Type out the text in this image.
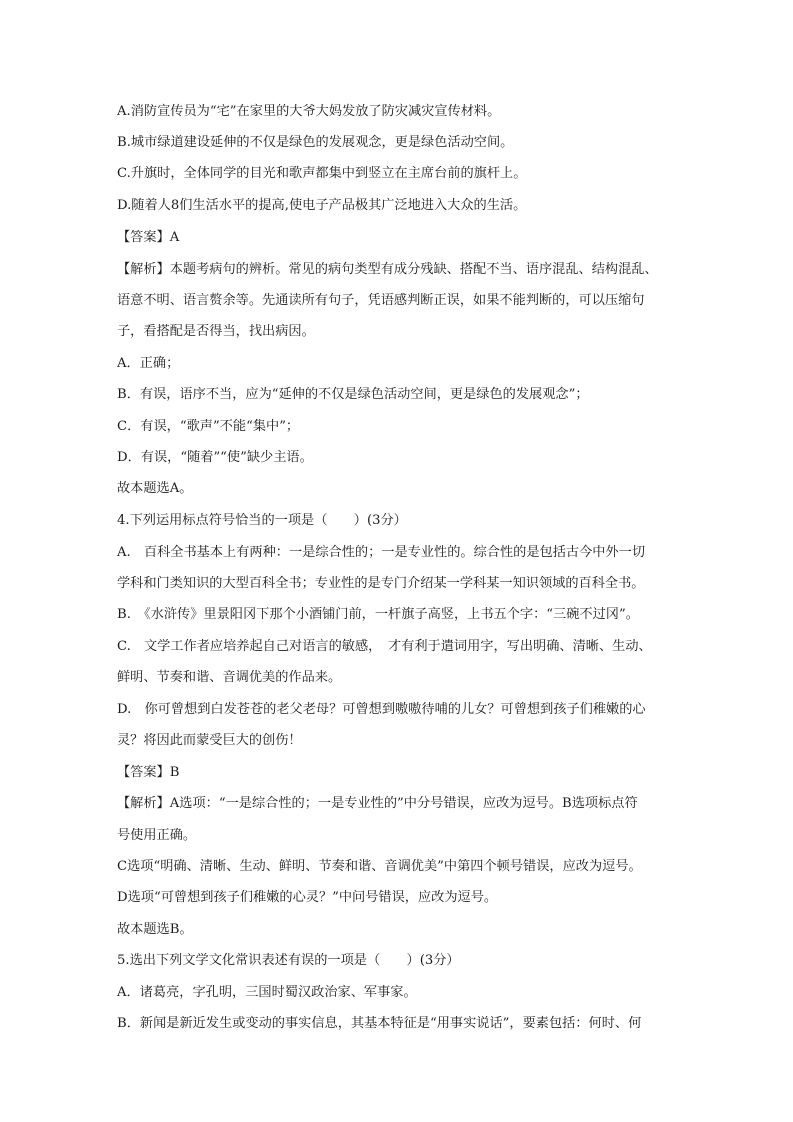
A.消防宣传员为“宅”在家里的大爷大妈发放了防灾减灾宣传材料。
B.城市绿道建设延伸的不仅是绿色的发展观念，更是绿色活动空间。
C.升旗时，全体同学的目光和歌声都集中到竖立在主席台前的旗杆上。
D.随着人8们生活水平的提高,使电子产品极其广泛地进入大众的生活。
【答案】A
【解析】本题考病句的辨析。常见的病句类型有成分残缺、搭配不当、语序混乱、结构混乱、
语意不明、语言赘余等。先通读所有句子，凭语感判断正误，如果不能判断的，可以压缩句
子，看搭配是否得当，找出病因。
A．正确；
B．有误，语序不当，应为“延伸的不仅是绿色活动空间，更是绿色的发展观念”；
C．有误，“歌声”不能“集中”；
D．有误，“随着”“使”缺少主语。
故本题选A。
4.下列运用标点符号恰当的一项是（　　）(3分）
A.　百科全书基本上有两种：一是综合性的；一是专业性的。综合性的是包括古今中外一切
学科和门类知识的大型百科全书；专业性的是专门介绍某一学科某一知识领域的百科全书。
B.　《水浒传》里景阳冈下那个小酒铺门前，一杆旗子高竖，上书五个字：“三碗不过冈”。
C.　文学工作者应培养起自己对语言的敏感，　才有利于遣词用字，写出明确、清晰、生动、
鲜明、节奏和谐、音调优美的作品来。
D.　你可曾想到白发苍苍的老父老母？可曾想到嗷嗷待哺的儿女？可曾想到孩子们稚嫩的心
灵？将因此而蒙受巨大的创伤！
【答案】B
【解析】A选项：“一是综合性的；一是专业性的”中分号错误，应改为逗号。B选项标点符
号使用正确。
C选项“明确、清晰、生动、鲜明、节奏和谐、音调优美”中第四个顿号错误，应改为逗号。
D选项“可曾想到孩子们稚嫩的心灵？”中问号错误，应改为逗号。
故本题选B。
5.选出下列文学文化常识表述有误的一项是（　　）(3分）
A．诸葛亮，字孔明，三国时蜀汉政治家、军事家。
B．新闻是新近发生或变动的事实信息，其基本特征是“用事实说话”，要素包括：何时、何
